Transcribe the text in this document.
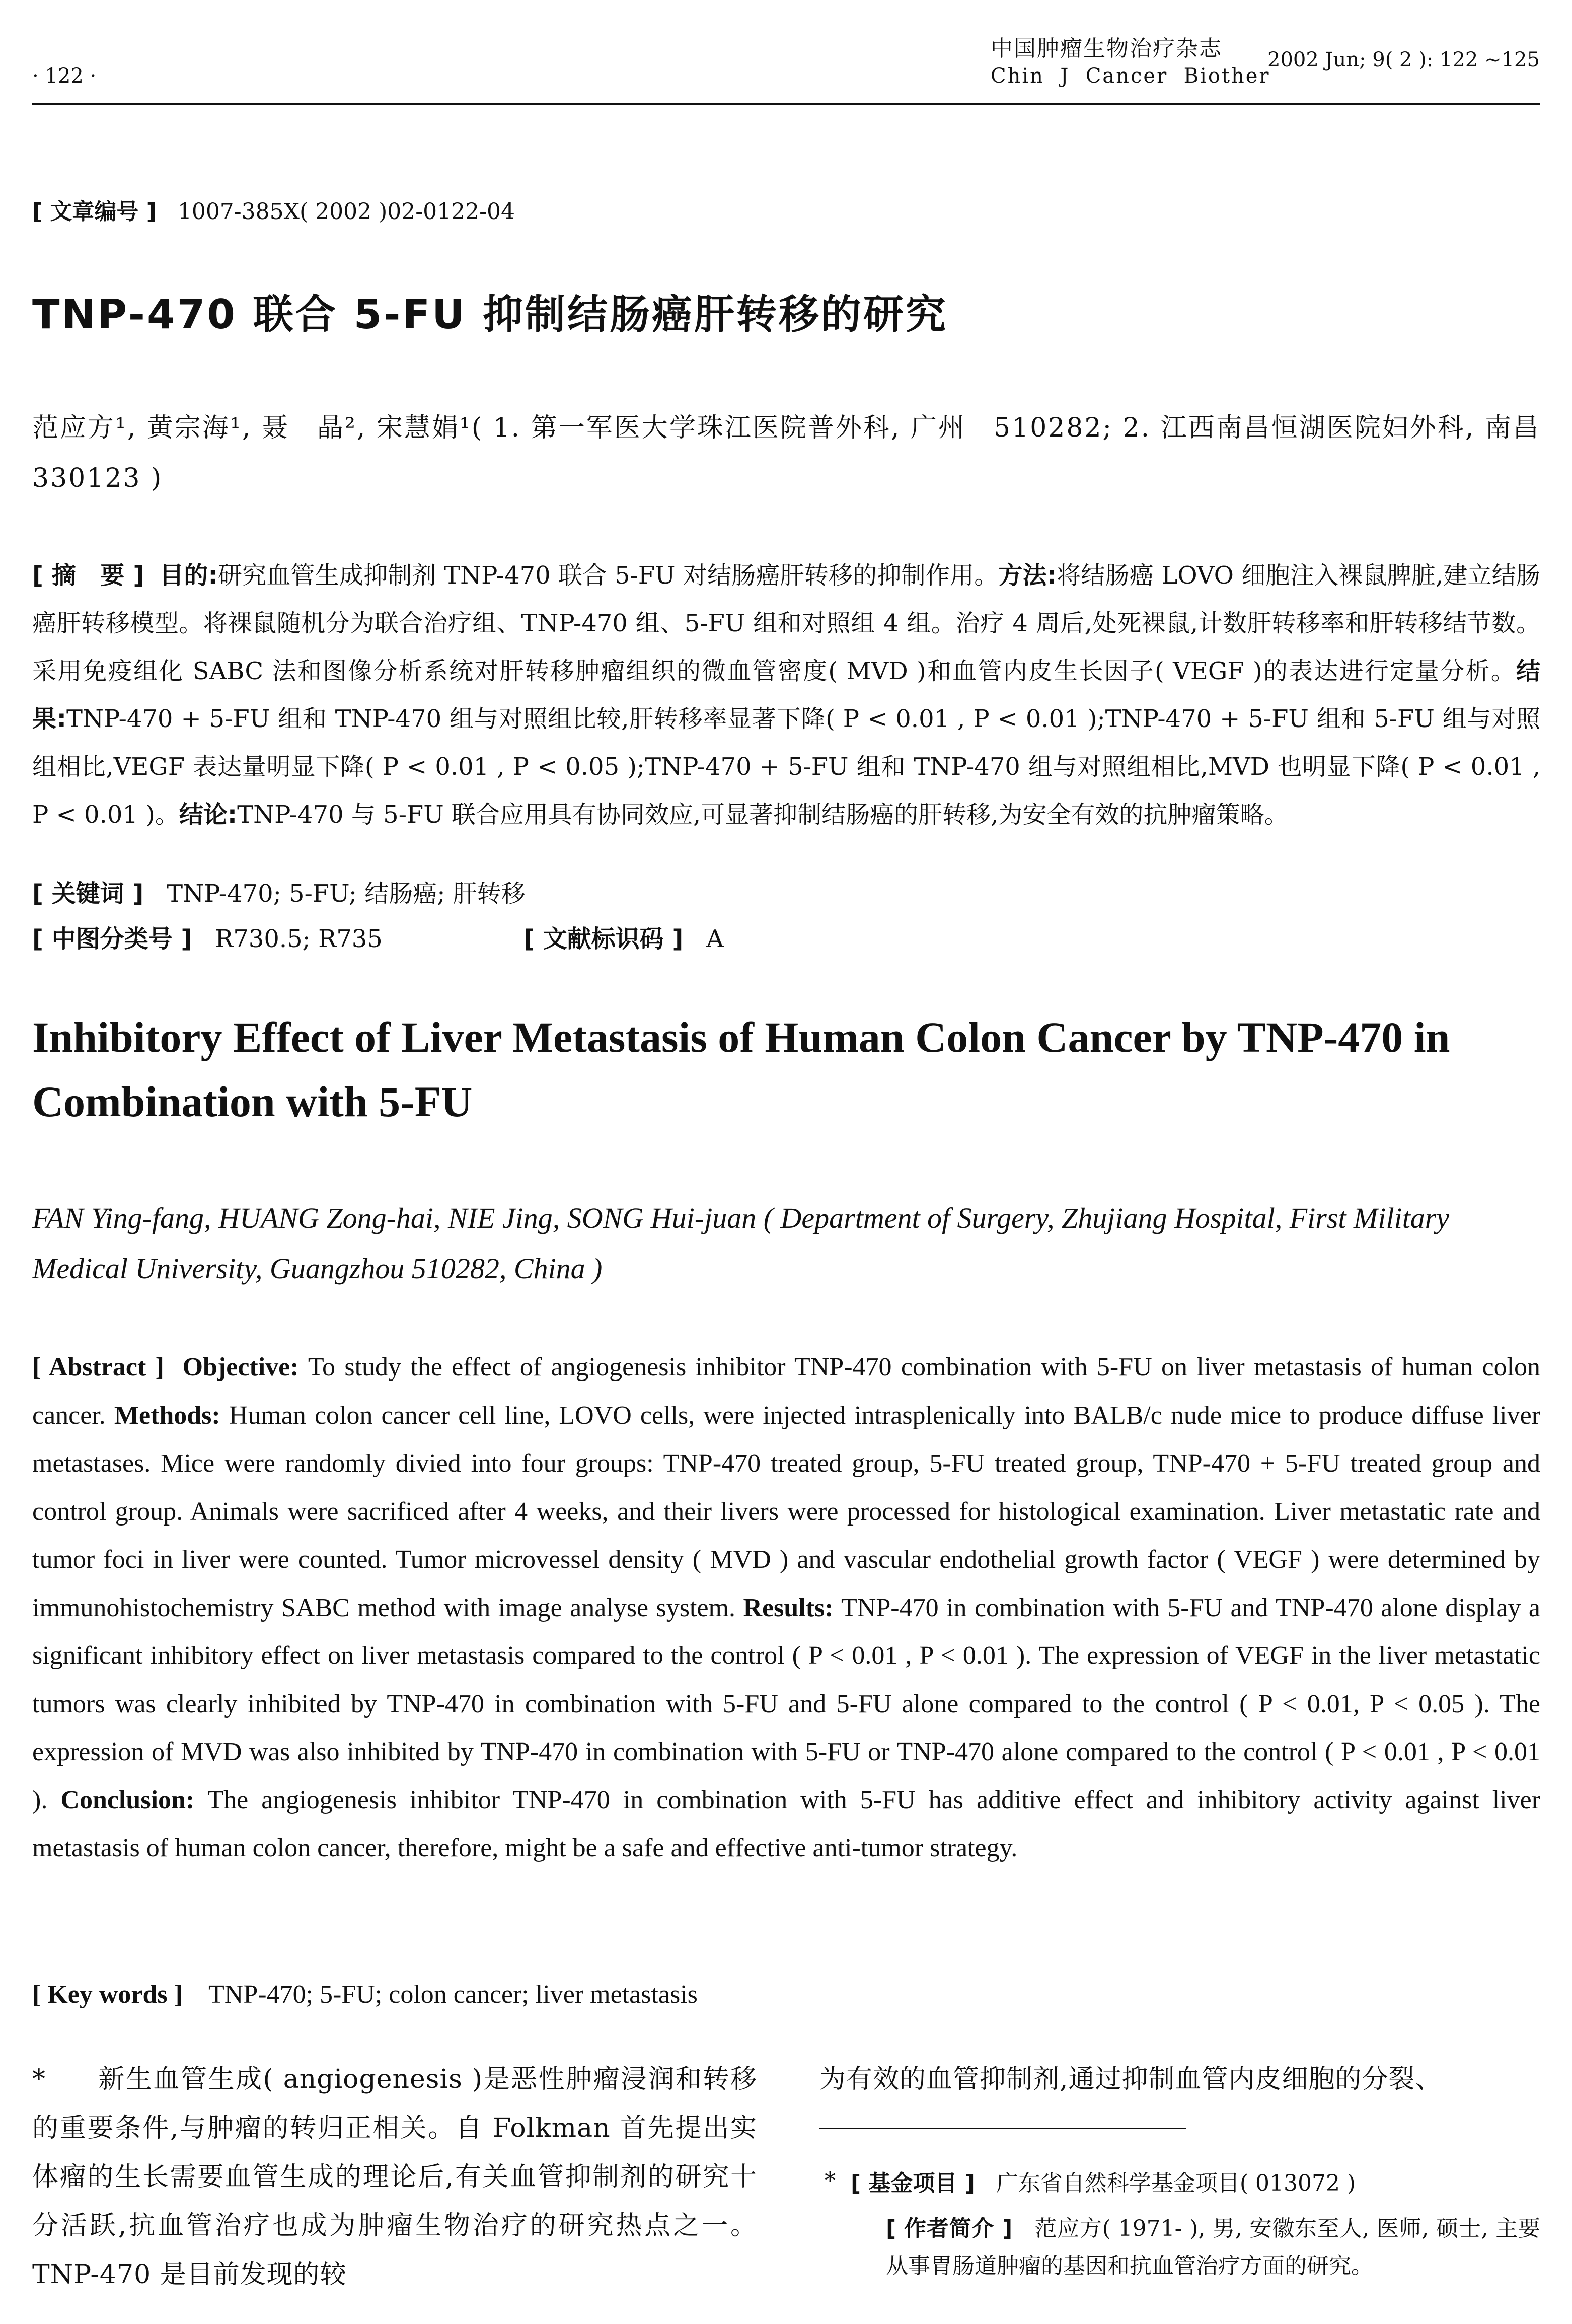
· 122 ·
中国肿瘤生物治疗杂志
Chin  J  Cancer  Biother
2002 Jun; 9( 2 ): 122 ~125
[ 文章编号 ] 1007-385X( 2002 )02-0122-04
TNP-470 联合 5-FU 抑制结肠癌肝转移的研究
范应方¹, 黄宗海¹, 聂　晶², 宋慧娟¹( 1. 第一军医大学珠江医院普外科, 广州　510282; 2. 江西南昌恒湖医院妇外科, 南昌　330123 )
[ 摘　要 ] 目的:研究血管生成抑制剂 TNP-470 联合 5-FU 对结肠癌肝转移的抑制作用。方法:将结肠癌 LOVO 细胞注入裸鼠脾脏,建立结肠癌肝转移模型。将裸鼠随机分为联合治疗组、TNP-470 组、5-FU 组和对照组 4 组。治疗 4 周后,处死裸鼠,计数肝转移率和肝转移结节数。采用免疫组化 SABC 法和图像分析系统对肝转移肿瘤组织的微血管密度( MVD )和血管内皮生长因子( VEGF )的表达进行定量分析。结果:TNP-470 + 5-FU 组和 TNP-470 组与对照组比较,肝转移率显著下降( P < 0.01 , P < 0.01 );TNP-470 + 5-FU 组和 5-FU 组与对照组相比,VEGF 表达量明显下降( P < 0.01 , P < 0.05 );TNP-470 + 5-FU 组和 TNP-470 组与对照组相比,MVD 也明显下降( P < 0.01 , P < 0.01 )。结论:TNP-470 与 5-FU 联合应用具有协同效应,可显著抑制结肠癌的肝转移,为安全有效的抗肿瘤策略。
[ 关键词 ] TNP-470; 5-FU; 结肠癌; 肝转移
[ 中图分类号 ] R730.5; R735	[ 文献标识码 ] A
Inhibitory Effect of Liver Metastasis of Human Colon Cancer by TNP-470 in Combination with 5-FU
FAN Ying-fang, HUANG Zong-hai, NIE Jing, SONG Hui-juan ( Department of Surgery, Zhujiang Hospital, First Military Medical University, Guangzhou 510282, China )
[ Abstract ] Objective: To study the effect of angiogenesis inhibitor TNP-470 combination with 5-FU on liver metastasis of human colon cancer. Methods: Human colon cancer cell line, LOVO cells, were injected intrasplenically into BALB/c nude mice to produce diffuse liver metastases. Mice were randomly divied into four groups: TNP-470 treated group, 5-FU treated group, TNP-470 + 5-FU treated group and control group. Animals were sacrificed after 4 weeks, and their livers were processed for histological examination. Liver metastatic rate and tumor foci in liver were counted. Tumor microvessel density ( MVD ) and vascular endothelial growth factor ( VEGF ) were determined by immunohistochemistry SABC method with image analyse system. Results: TNP-470 in combination with 5-FU and TNP-470 alone display a significant inhibitory effect on liver metastasis compared to the control ( P < 0.01 , P < 0.01 ). The expression of VEGF in the liver metastatic tumors was clearly inhibited by TNP-470 in combination with 5-FU and 5-FU alone compared to the control ( P < 0.01, P < 0.05 ). The expression of MVD was also inhibited by TNP-470 in combination with 5-FU or TNP-470 alone compared to the control ( P < 0.01 , P < 0.01 ). Conclusion: The angiogenesis inhibitor TNP-470 in combination with 5-FU has additive effect and inhibitory activity against liver metastasis of human colon cancer, therefore, might be a safe and effective anti-tumor strategy.
[ Key words ] TNP-470; 5-FU; colon cancer; liver metastasis
* 新生血管生成( angiogenesis )是恶性肿瘤浸润和转移的重要条件,与肿瘤的转归正相关。自 Folkman 首先提出实体瘤的生长需要血管生成的理论后,有关血管抑制剂的研究十分活跃,抗血管治疗也成为肿瘤生物治疗的研究热点之一。TNP-470 是目前发现的较
为有效的血管抑制剂,通过抑制血管内皮细胞的分裂、
* [ 基金项目 ] 广东省自然科学基金项目( 013072 )
[ 作者简介 ] 范应方( 1971- ), 男, 安徽东至人, 医师, 硕士, 主要从事胃肠道肿瘤的基因和抗血管治疗方面的研究。
